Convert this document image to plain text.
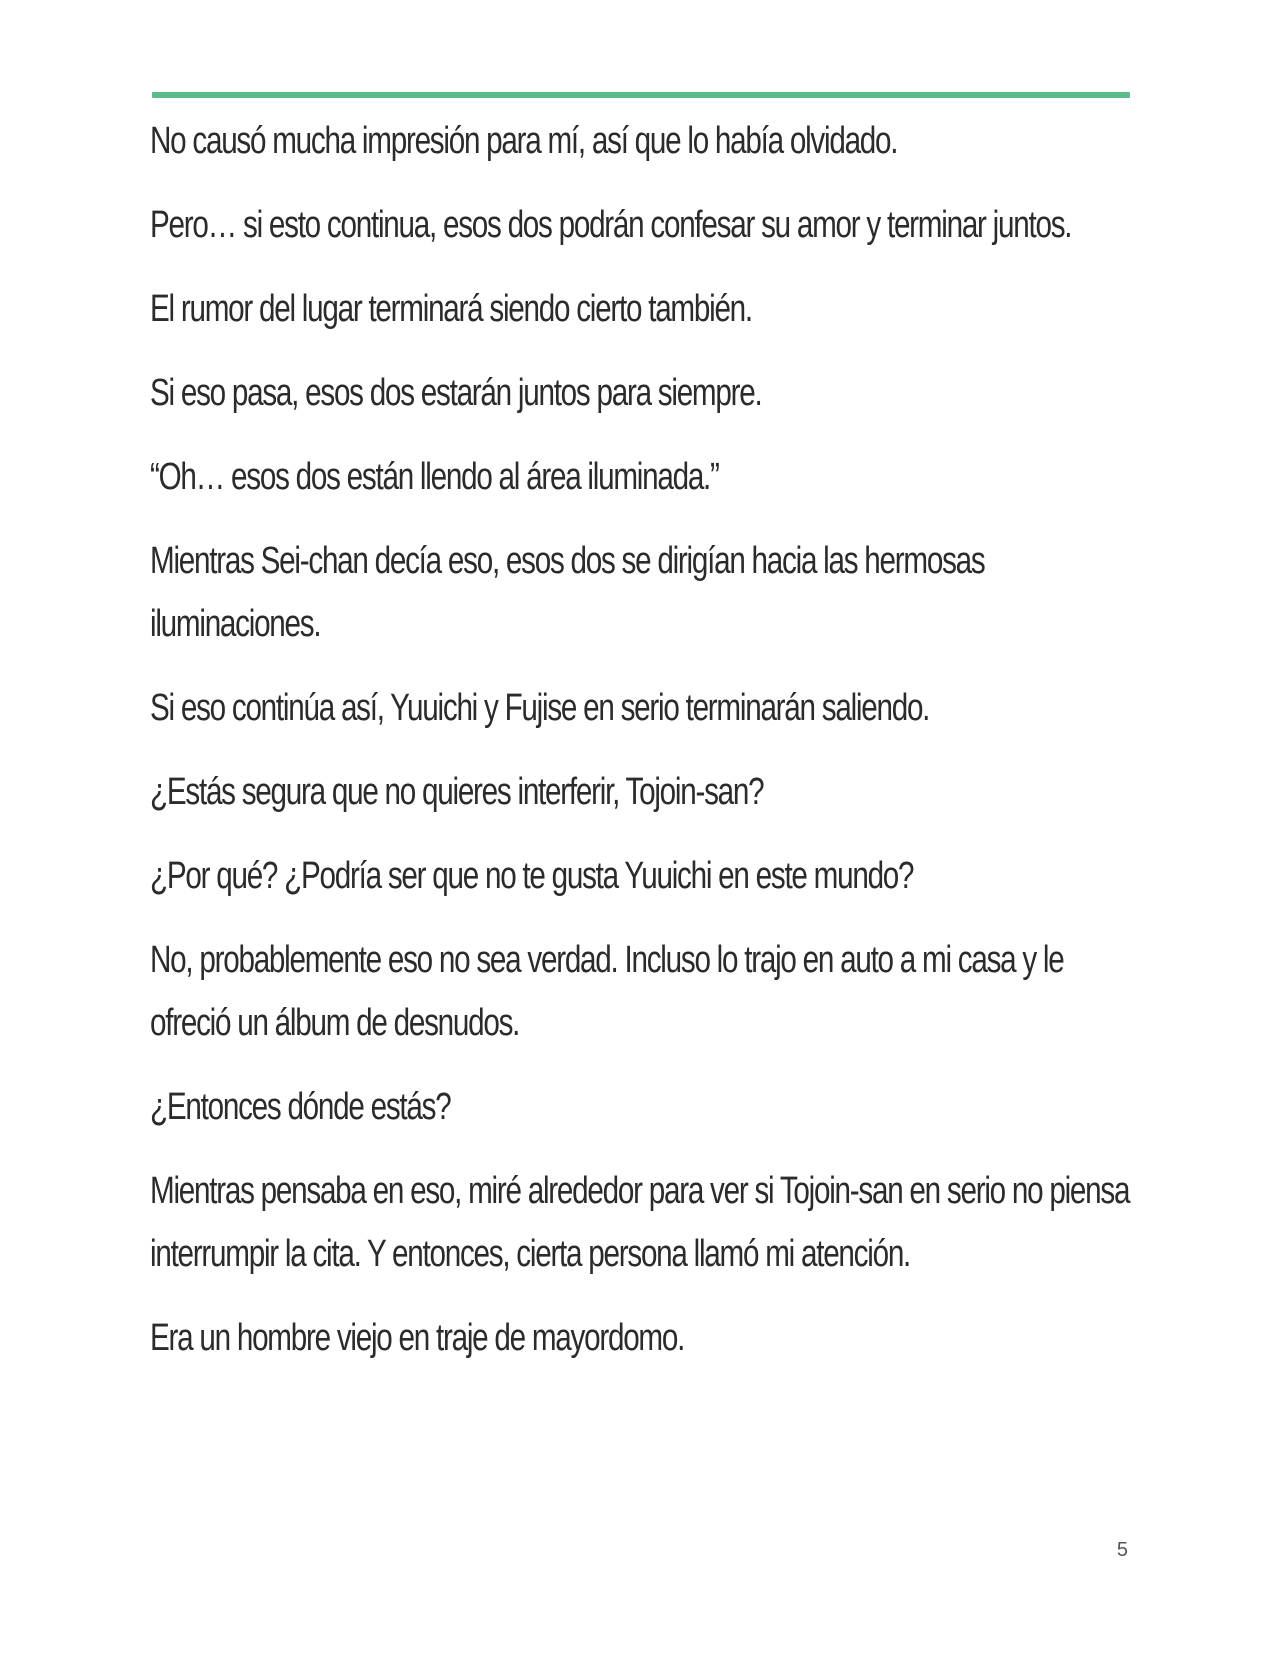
No causó mucha impresión para mí, así que lo había olvidado.

Pero… si esto continua, esos dos podrán confesar su amor y terminar juntos.

El rumor del lugar terminará siendo cierto también.

Si eso pasa, esos dos estarán juntos para siempre.

“Oh… esos dos están llendo al área iluminada.”

Mientras Sei-chan decía eso, esos dos se dirigían hacia las hermosas iluminaciones.

Si eso continúa así, Yuuichi y Fujise en serio terminarán saliendo.

¿Estás segura que no quieres interferir, Tojoin-san?

¿Por qué? ¿Podría ser que no te gusta Yuuichi en este mundo?

No, probablemente eso no sea verdad. Incluso lo trajo en auto a mi casa y le ofreció un álbum de desnudos.

¿Entonces dónde estás?

Mientras pensaba en eso, miré alrededor para ver si Tojoin-san en serio no piensa interrumpir la cita. Y entonces, cierta persona llamó mi atención.

Era un hombre viejo en traje de mayordomo.

5
